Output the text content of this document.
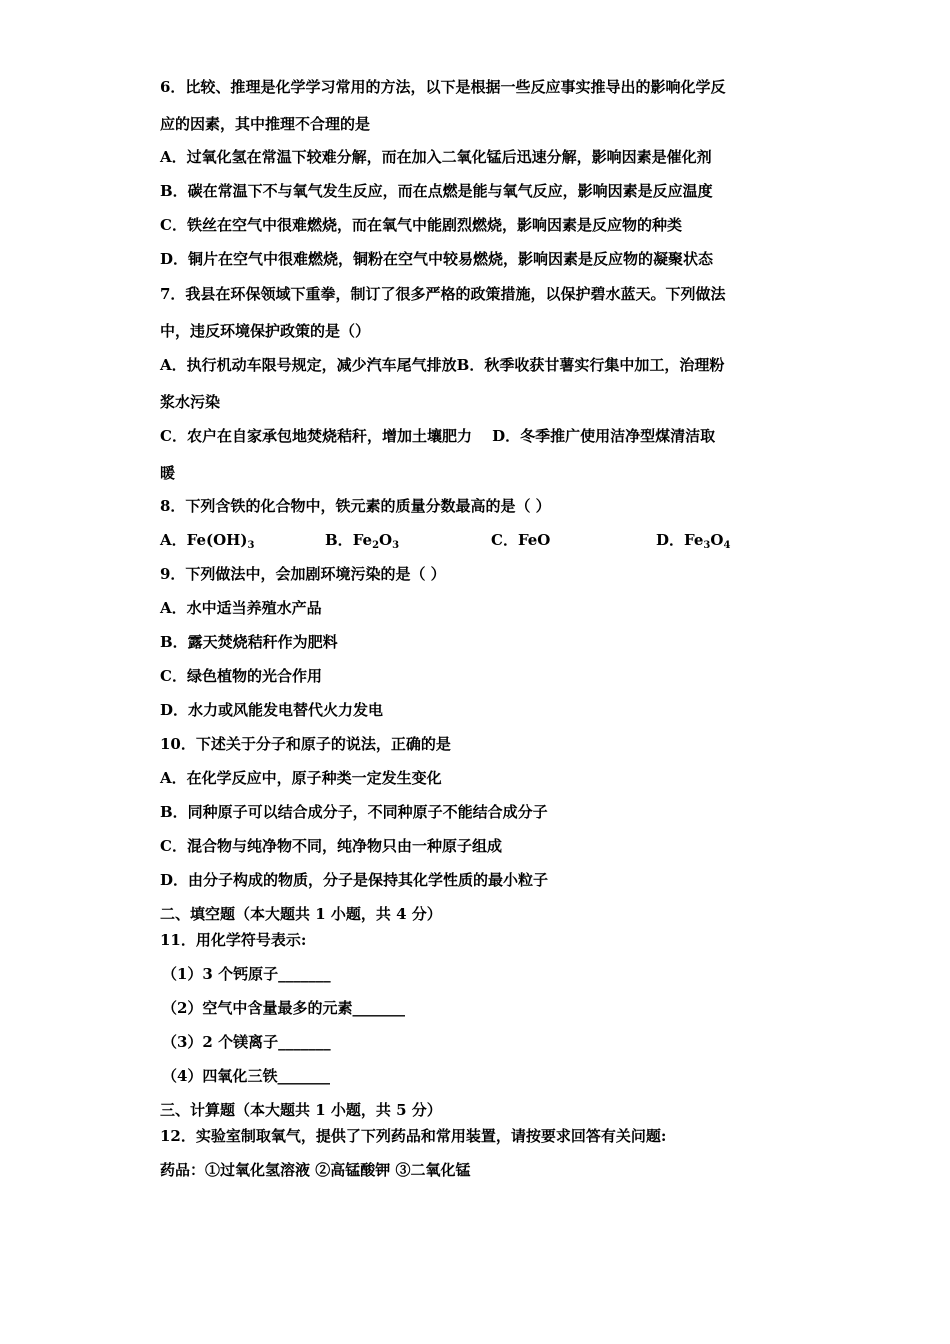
6．比较、推理是化学学习常用的方法，以下是根据一些反应事实推导出的影响化学反
应的因素，其中推理不合理的是
A．过氧化氢在常温下较难分解，而在加入二氧化锰后迅速分解，影响因素是催化剂
B．碳在常温下不与氧气发生反应，而在点燃是能与氧气反应，影响因素是反应温度
C．铁丝在空气中很难燃烧，而在氧气中能剧烈燃烧，影响因素是反应物的种类
D．铜片在空气中很难燃烧，铜粉在空气中较易燃烧，影响因素是反应物的凝聚状态
7．我县在环保领域下重拳，制订了很多严格的政策措施，以保护碧水蓝天。下列做法
中，违反环境保护政策的是（）
A．执行机动车限号规定，减少汽车尾气排放B．秋季收获甘薯实行集中加工，治理粉
浆水污染
C．农户在自家承包地焚烧秸秆，增加土壤肥力　 D．冬季推广使用洁净型煤清洁取
暖
8．下列含铁的化合物中，铁元素的质量分数最高的是（ ）
A．$Fe(OH)_3$	B．$Fe_2O_3$	C．FeO	D．$Fe_3O_4$
9．下列做法中，会加剧环境污染的是（ ）
A．水中适当养殖水产品
B．露天焚烧秸秆作为肥料
C．绿色植物的光合作用
D．水力或风能发电替代火力发电
10．下述关于分子和原子的说法，正确的是
A．在化学反应中，原子种类一定发生变化
B．同种原子可以结合成分子，不同种原子不能结合成分子
C．混合物与纯净物不同，纯净物只由一种原子组成
D．由分子构成的物质，分子是保持其化学性质的最小粒子
二、填空题（本大题共 1 小题，共 4 分）
11．用化学符号表示:
（1）3 个钙原子_______
（2）空气中含量最多的元素_______
（3）2 个镁离子_______
（4）四氧化三铁_______
三、计算题（本大题共 1 小题，共 5 分）
12．实验室制取氧气，提供了下列药品和常用装置，请按要求回答有关问题:
药品：①过氧化氢溶液 ②高锰酸钾 ③二氧化锰
